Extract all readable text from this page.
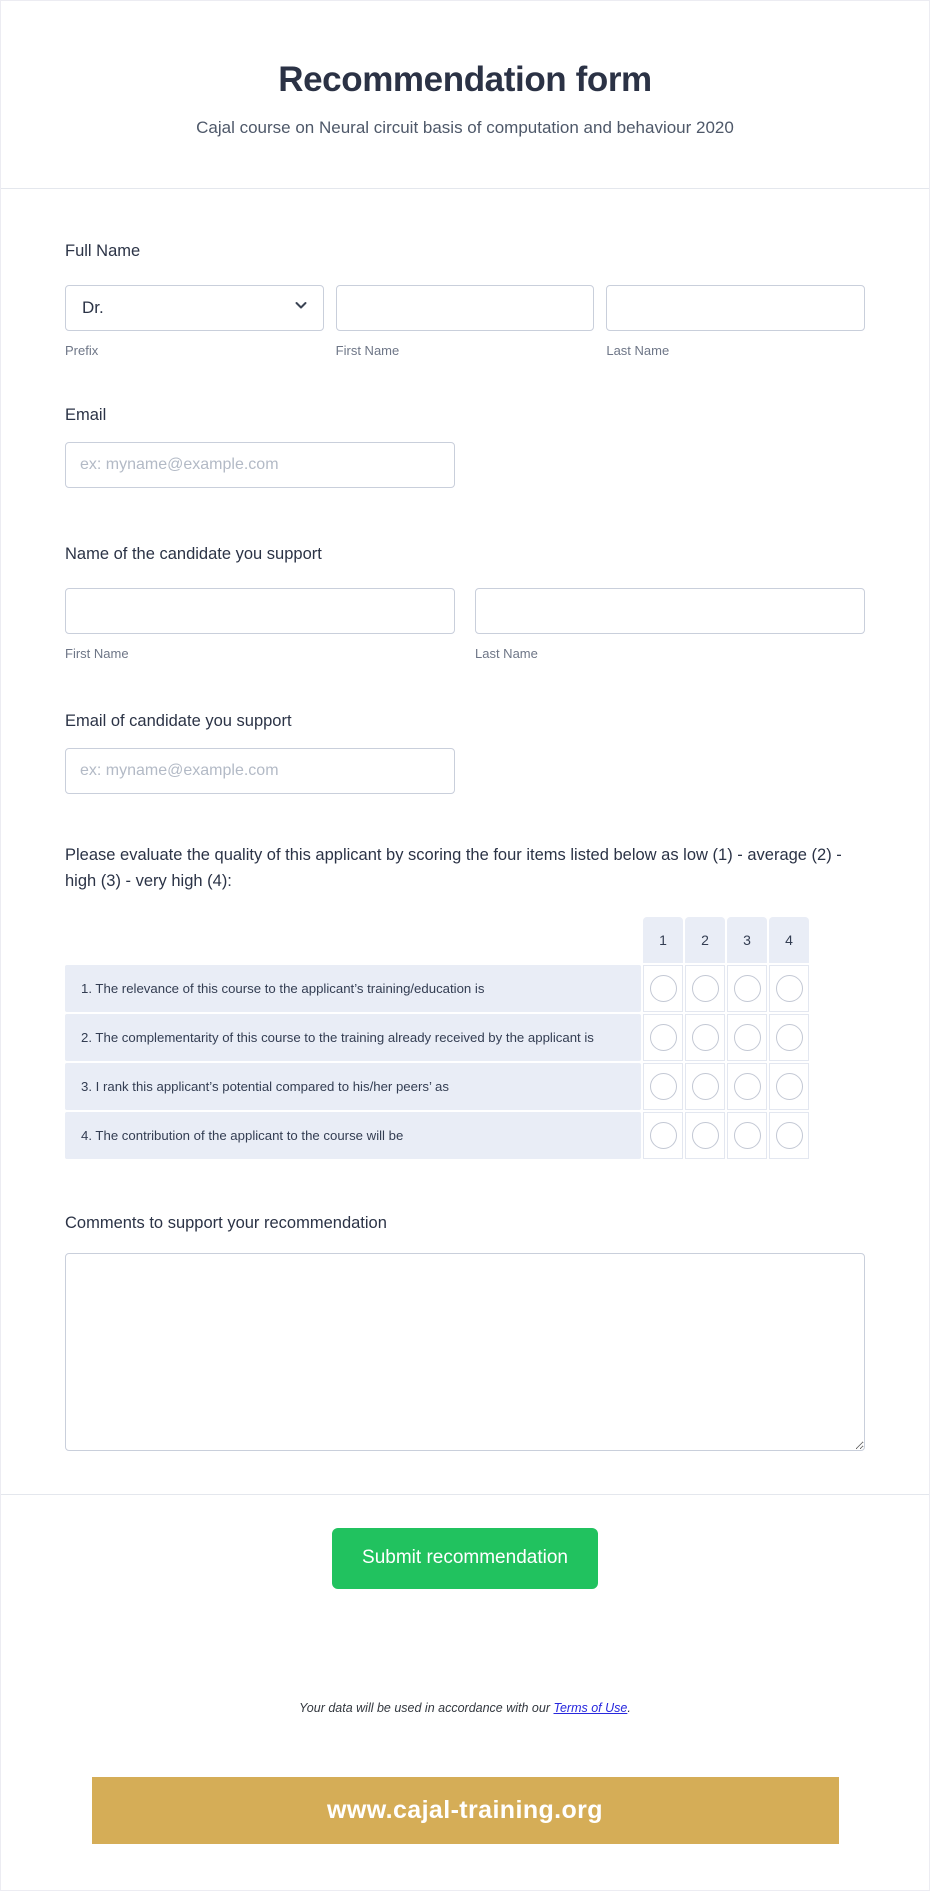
Recommendation form
Cajal course on Neural circuit basis of computation and behaviour 2020
Full Name
Dr.
Prefix	First Name	Last Name
Email
ex: myname@example.com
Name of the candidate you support
First Name	Last Name
Email of candidate you support
ex: myname@example.com
Please evaluate the quality of this applicant by scoring the four items listed below as low (1) - average (2) - high (3) - very high (4):
	1	2	3	4
1. The relevance of this course to the applicant’s training/education is				
2. The complementarity of this course to the training already received by the applicant is				
3. I rank this applicant’s potential compared to his/her peers’ as				
4. The contribution of the applicant to the course will be				
Comments to support your recommendation
Submit recommendation
Your data will be used in accordance with our Terms of Use.
www.cajal-training.org
